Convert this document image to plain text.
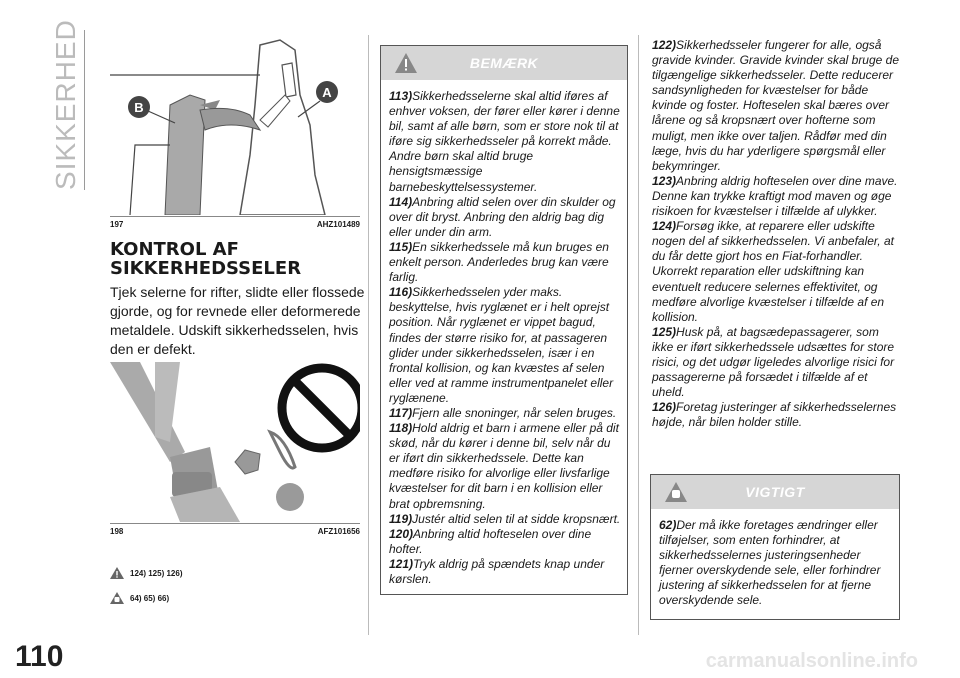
SIKKERHED	A
B
197	AHZ101489
KONTROL AF
SIKKERHEDSSELER
Tjek selerne for rifter, slidte eller flossede gjorde, og for revnede eller deformerede metaldele. Udskift sikkerhedsselen, hvis den er defekt.
198	AFZ101656
124) 125) 126)
64) 65) 66)
BEMÆRK

113)Sikkerhedsselerne skal altid iføres af enhver voksen, der fører eller kører i denne bil, samt af alle børn, som er store nok til at iføre sig sikkerhedsseler på korrekt måde. Andre børn skal altid bruge hensigtsmæssige barnebeskyttelsessystemer.

114)Anbring altid selen over din skulder og over dit bryst. Anbring den aldrig bag dig eller under din arm.

115)En sikkerhedssele må kun bruges en enkelt person. Anderledes brug kan være farlig.

116)Sikkerhedsselen yder maks. beskyttelse, hvis ryglænet er i helt oprejst position. Når ryglænet er vippet bagud, findes der større risiko for, at passageren glider under sikkerhedsselen, især i en frontal kollision, og kan kvæstes af selen eller ved at ramme instrumentpanelet eller ryglænene.

117)Fjern alle snoninger, når selen bruges.

118)Hold aldrig et barn i armene eller på dit skød, når du kører i denne bil, selv når du er iført din sikkerhedssele. Dette kan medføre risiko for alvorlige eller livsfarlige kvæstelser for dit barn i en kollision eller brat opbremsning.

119)Justér altid selen til at sidde kropsnært.

120)Anbring altid hofteselen over dine hofter.

121)Tryk aldrig på spændets knap under kørslen.

122)Sikkerhedsseler fungerer for alle, også gravide kvinder. Gravide kvinder skal bruge de tilgængelige sikkerhedsseler. Dette reducerer sandsynligheden for kvæstelser for både kvinde og foster. Hofteselen skal bæres over lårene og så kropsnært over hofterne som muligt, men ikke over taljen. Rådfør med din læge, hvis du har yderligere spørgsmål eller bekymringer.

123)Anbring aldrig hofteselen over dine mave. Denne kan trykke kraftigt mod maven og øge risikoen for kvæstelser i tilfælde af ulykker.

124)Forsøg ikke, at reparere eller udskifte nogen del af sikkerhedsselen. Vi anbefaler, at du får dette gjort hos en Fiat-forhandler. Ukorrekt reparation eller udskiftning kan eventuelt reducere selernes effektivitet, og medføre alvorlige kvæstelser i tilfælde af en kollision.

125)Husk på, at bagsædepassagerer, som ikke er iført sikkerhedssele udsættes for store risici, og det udgør ligeledes alvorlige risici for passagererne på forsædet i tilfælde af et uheld.

126)Foretag justeringer af sikkerhedsselernes højde, når bilen holder stille.

VIGTIGT

62)Der må ikke foretages ændringer eller tilføjelser, som enten forhindrer, at sikkerhedsselernes justeringsenheder fjerner overskydende sele, eller forhindrer justering af sikkerhedsselen for at fjerne overskydende sele.

110	carmanualsonline.info
